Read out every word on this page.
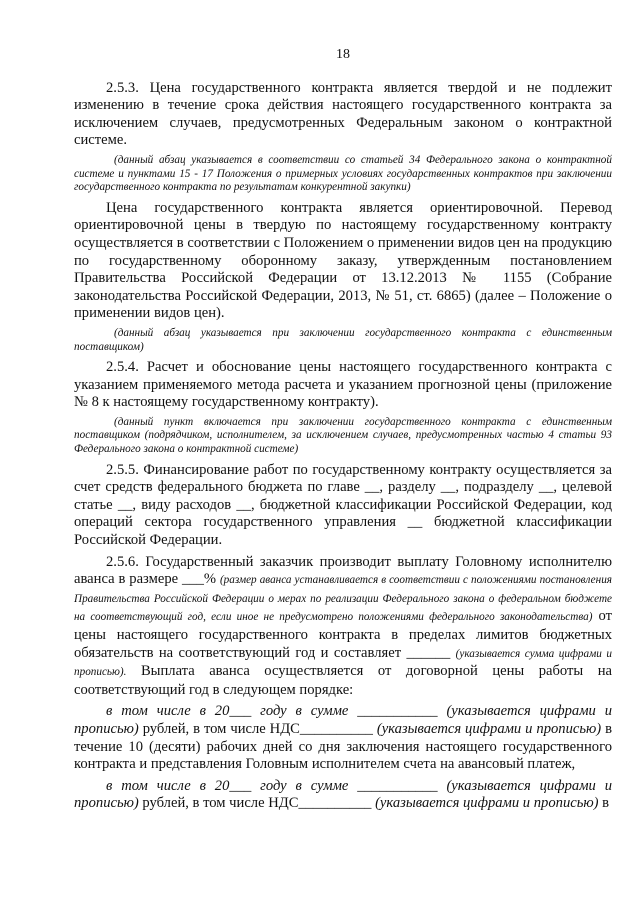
18

2.5.3. Цена государственного контракта является твердой и не подлежит изменению в течение срока действия настоящего государственного контракта за исключением случаев, предусмотренных Федеральным законом о контрактной системе.

(данный абзац указывается в соответствии со статьей 34 Федерального закона о контрактной системе и пунктами 15 - 17 Положения о примерных условиях государственных контрактов при заключении государственного контракта по результатам конкурентной закупки)

Цена государственного контракта является ориентировочной. Перевод ориентировочной цены в твердую по настоящему государственному контракту осуществляется в соответствии с Положением о применении видов цен на продукцию по государственному оборонному заказу, утвержденным постановлением Правительства Российской Федерации от 13.12.2013 № 1155 (Собрание законодательства Российской Федерации, 2013, № 51, ст. 6865) (далее – Положение о применении видов цен).

(данный абзац указывается при заключении государственного контракта с единственным поставщиком)

2.5.4. Расчет и обоснование цены настоящего государственного контракта с указанием применяемого метода расчета и указанием прогнозной цены (приложение № 8 к настоящему государственному контракту).

(данный пункт включается при заключении государственного контракта с единственным поставщиком (подрядчиком, исполнителем, за исключением случаев, предусмотренных частью 4 статьи 93 Федерального закона о контрактной системе)

2.5.5. Финансирование работ по государственному контракту осуществляется за счет средств федерального бюджета по главе __, разделу __, подразделу __, целевой статье __, виду расходов __, бюджетной классификации Российской Федерации, код операций сектора государственного управления __ бюджетной классификации Российской Федерации.

2.5.6. Государственный заказчик производит выплату Головному исполнителю аванса в размере ___% (размер аванса устанавливается в соответствии с положениями постановления Правительства Российской Федерации о мерах по реализации Федерального закона о федеральном бюджете на соответствующий год, если иное не предусмотрено положениями федерального законодательства) от цены настоящего государственного контракта в пределах лимитов бюджетных обязательств на соответствующий год и составляет ______ (указывается сумма цифрами и прописью). Выплата аванса осуществляется от договорной цены работы на соответствующий год в следующем порядке:

в том числе в 20___ году в сумме ___________ (указывается цифрами и прописью) рублей, в том числе НДС__________ (указывается цифрами и прописью) в течение 10 (десяти) рабочих дней со дня заключения настоящего государственного контракта и представления Головным исполнителем счета на авансовый платеж,

в том числе в 20___ году в сумме ___________ (указывается цифрами и прописью) рублей, в том числе НДС__________ (указывается цифрами и прописью) в
